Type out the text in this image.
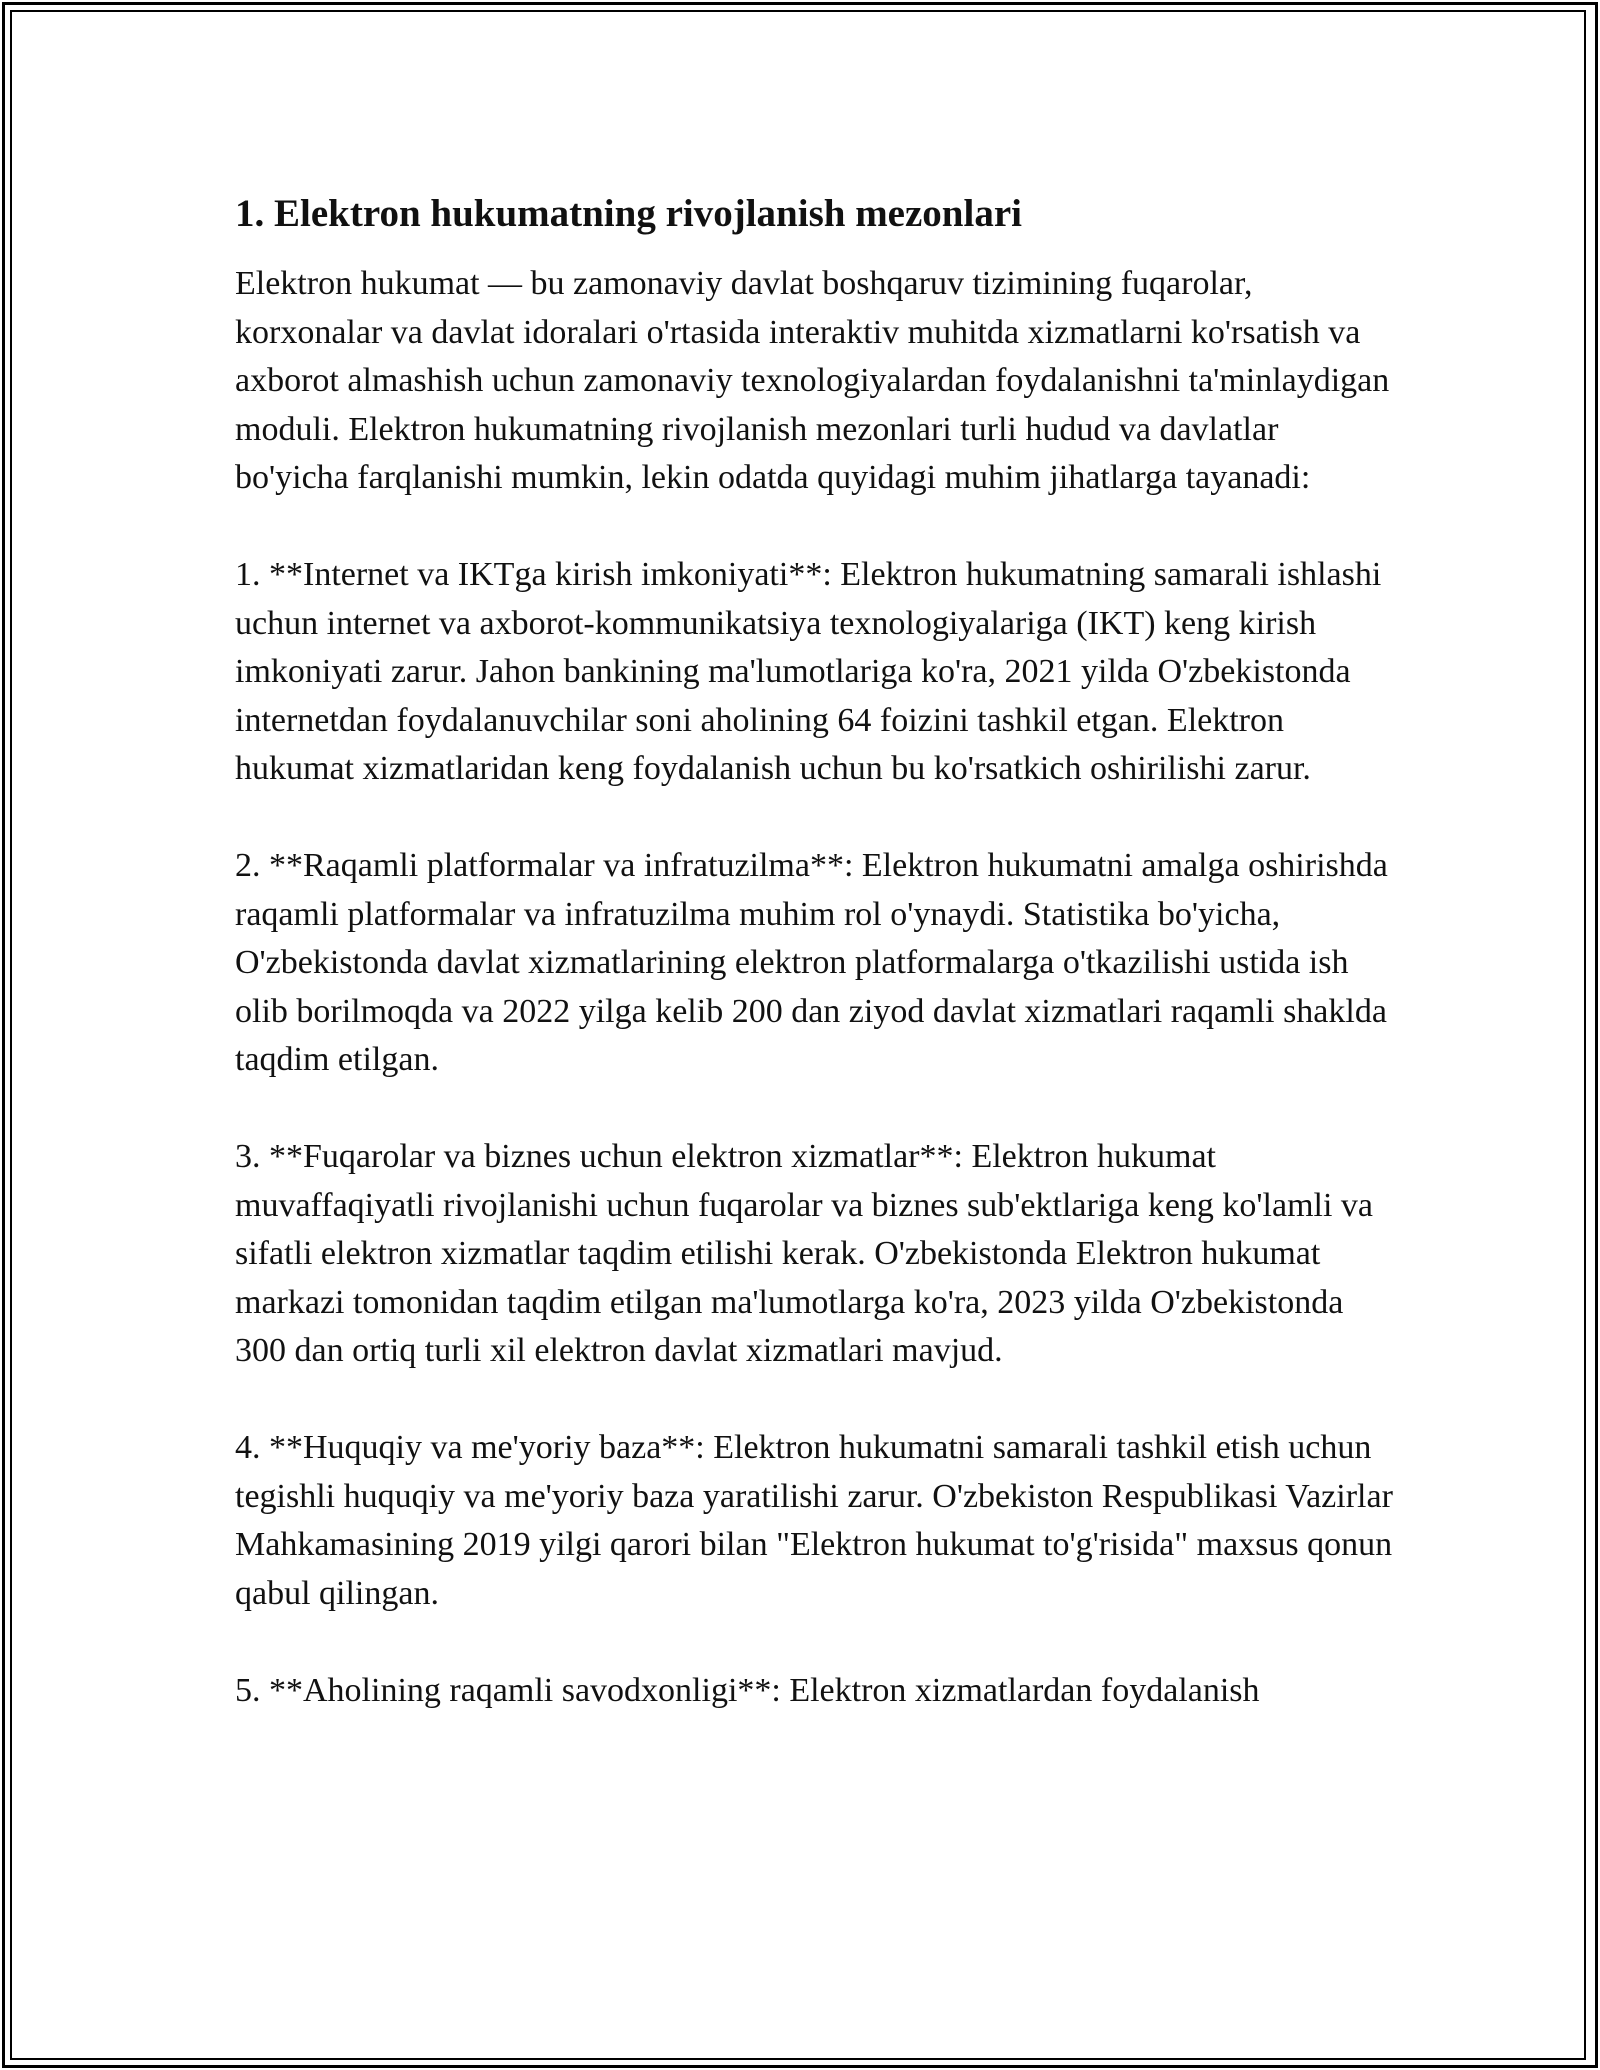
1. Elektron hukumatning rivojlanish mezonlari

Elektron hukumat — bu zamonaviy davlat boshqaruv tizimining fuqarolar, korxonalar va davlat idoralari o'rtasida interaktiv muhitda xizmatlarni ko'rsatish va axborot almashish uchun zamonaviy texnologiyalardan foydalanishni ta'minlaydigan moduli. Elektron hukumatning rivojlanish mezonlari turli hudud va davlatlar bo'yicha farqlanishi mumkin, lekin odatda quyidagi muhim jihatlarga tayanadi:

1. **Internet va IKTga kirish imkoniyati**: Elektron hukumatning samarali ishlashi uchun internet va axborot-kommunikatsiya texnologiyalariga (IKT) keng kirish imkoniyati zarur. Jahon bankining ma'lumotlariga ko'ra, 2021 yilda O'zbekistonda internetdan foydalanuvchilar soni aholining 64 foizini tashkil etgan. Elektron hukumat xizmatlaridan keng foydalanish uchun bu ko'rsatkich oshirilishi zarur.

2. **Raqamli platformalar va infratuzilma**: Elektron hukumatni amalga oshirishda raqamli platformalar va infratuzilma muhim rol o'ynaydi. Statistika bo'yicha, O'zbekistonda davlat xizmatlarining elektron platformalarga o'tkazilishi ustida ish olib borilmoqda va 2022 yilga kelib 200 dan ziyod davlat xizmatlari raqamli shaklda taqdim etilgan.

3. **Fuqarolar va biznes uchun elektron xizmatlar**: Elektron hukumat muvaffaqiyatli rivojlanishi uchun fuqarolar va biznes sub'ektlariga keng ko'lamli va sifatli elektron xizmatlar taqdim etilishi kerak. O'zbekistonda Elektron hukumat markazi tomonidan taqdim etilgan ma'lumotlarga ko'ra, 2023 yilda O'zbekistonda 300 dan ortiq turli xil elektron davlat xizmatlari mavjud.

4. **Huquqiy va me'yoriy baza**: Elektron hukumatni samarali tashkil etish uchun tegishli huquqiy va me'yoriy baza yaratilishi zarur. O'zbekiston Respublikasi Vazirlar Mahkamasining 2019 yilgi qarori bilan "Elektron hukumat to'g'risida" maxsus qonun qabul qilingan.

5. **Aholining raqamli savodxonligi**: Elektron xizmatlardan foydalanish
